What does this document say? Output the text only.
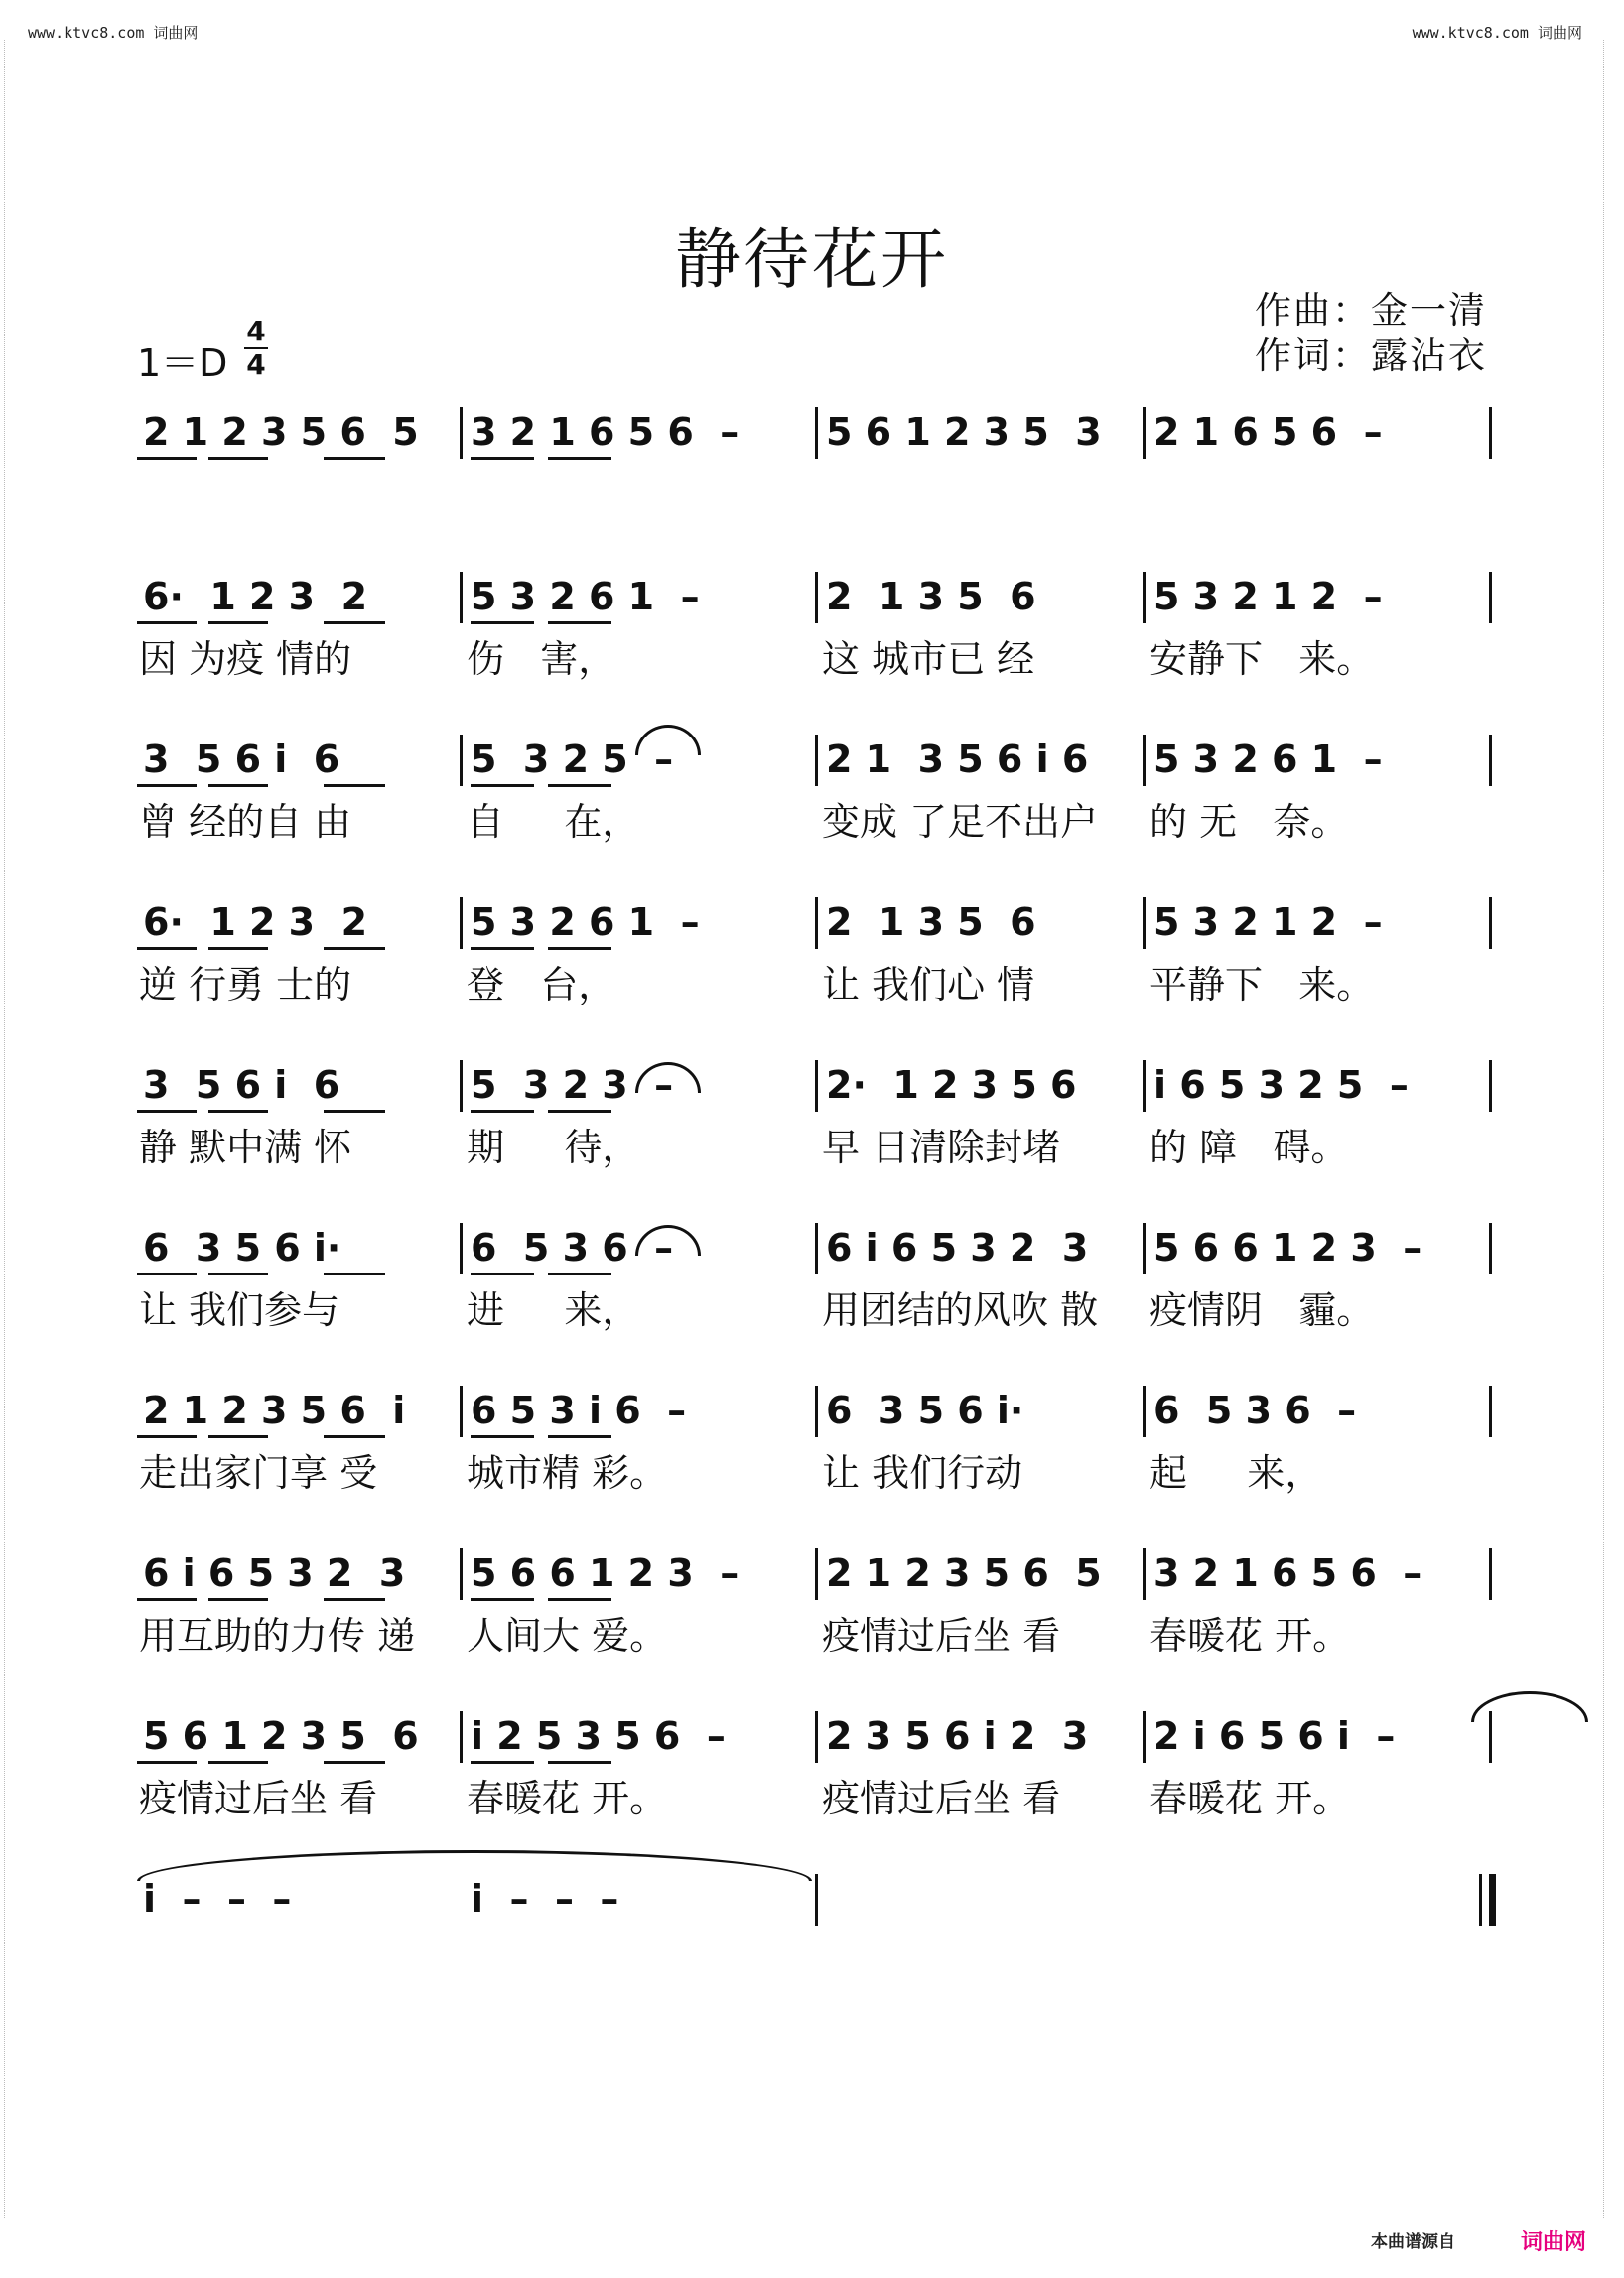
www.ktvc8.com 词曲网	www.ktvc8.com 词曲网
静待花开
作曲：金一清
作词：露沾衣
$1=D \frac{4}{4}$
2 1 2 3 5 6  5 3 2 1 6 5 6  – 5 6 1 2 3 5  3 2 1 6 5 6  –
6·  1 2 3  2	5 3 2 6 1  –	2  1 3 5  6	5 3 2 1 2  –
因 为疫 情的	伤   害，	这 城市已 经	安静下   来。
3  5 6 i  6	5  3 2 5  –	2 1  3 5 6 i 6 5 3 2 6 1  –
曾 经的自 由	自     在，	变成 了足不出户 的 无   奈。
6·  1 2 3  2	5 3 2 6 1  –	2  1 3 5  6	5 3 2 1 2  –
逆 行勇 士的	登   台，	让 我们心 情	平静下   来。
3  5 6 i  6	5  3 2 3  –	2·  1 2 3 5 6 i 6 5 3 2 5  –
静 默中满 怀	期     待，	早 日清除封堵 的 障   碍。
6  3 5 6 i·	6  5 3 6  –	6 i 6 5 3 2  3 5 6 6 1 2 3  –
让 我们参与	进     来，	用团结的风吹 散 疫情阴   霾。
2 1 2 3 5 6  i 6 5 3 i 6  –	6  3 5 6 i·	6  5 3 6  –
走出家门享 受 城市精 彩。	让 我们行动	起     来，
6 i 6 5 3 2  3 5 6 6 1 2 3  – 2 1 2 3 5 6  5 3 2 1 6 5 6  –
用互助的力传 递 人间大 爱。	疫情过后坐 看 春暖花 开。
5 6 1 2 3 5  6 i 2 5 3 5 6  –	2 3 5 6 i 2  3 2 i 6 5 6 i  –
疫情过后坐 看 春暖花 开。	疫情过后坐 看 春暖花 开。
i  –  –  –	i  –  –  –
本曲谱源自	词曲网
